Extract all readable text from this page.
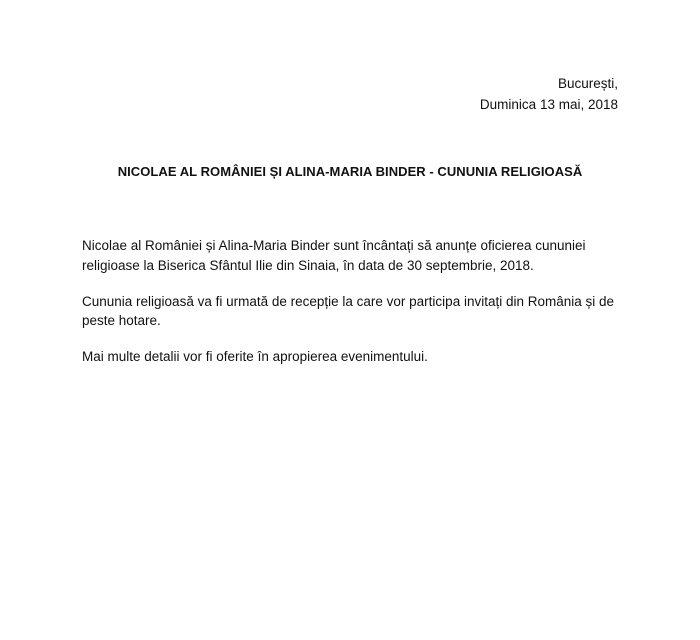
București,
Duminica 13 mai, 2018
NICOLAE AL ROMÂNIEI ȘI ALINA-MARIA BINDER - CUNUNIA RELIGIOASĂ

Nicolae al României și Alina-Maria Binder sunt încântați să anunțe oficierea cununiei religioase la Biserica Sfântul Ilie din Sinaia, în data de 30 septembrie, 2018.

Cununia religioasă va fi urmată de recepție la care vor participa invitați din România și de peste hotare.

Mai multe detalii vor fi oferite în apropierea evenimentului.
